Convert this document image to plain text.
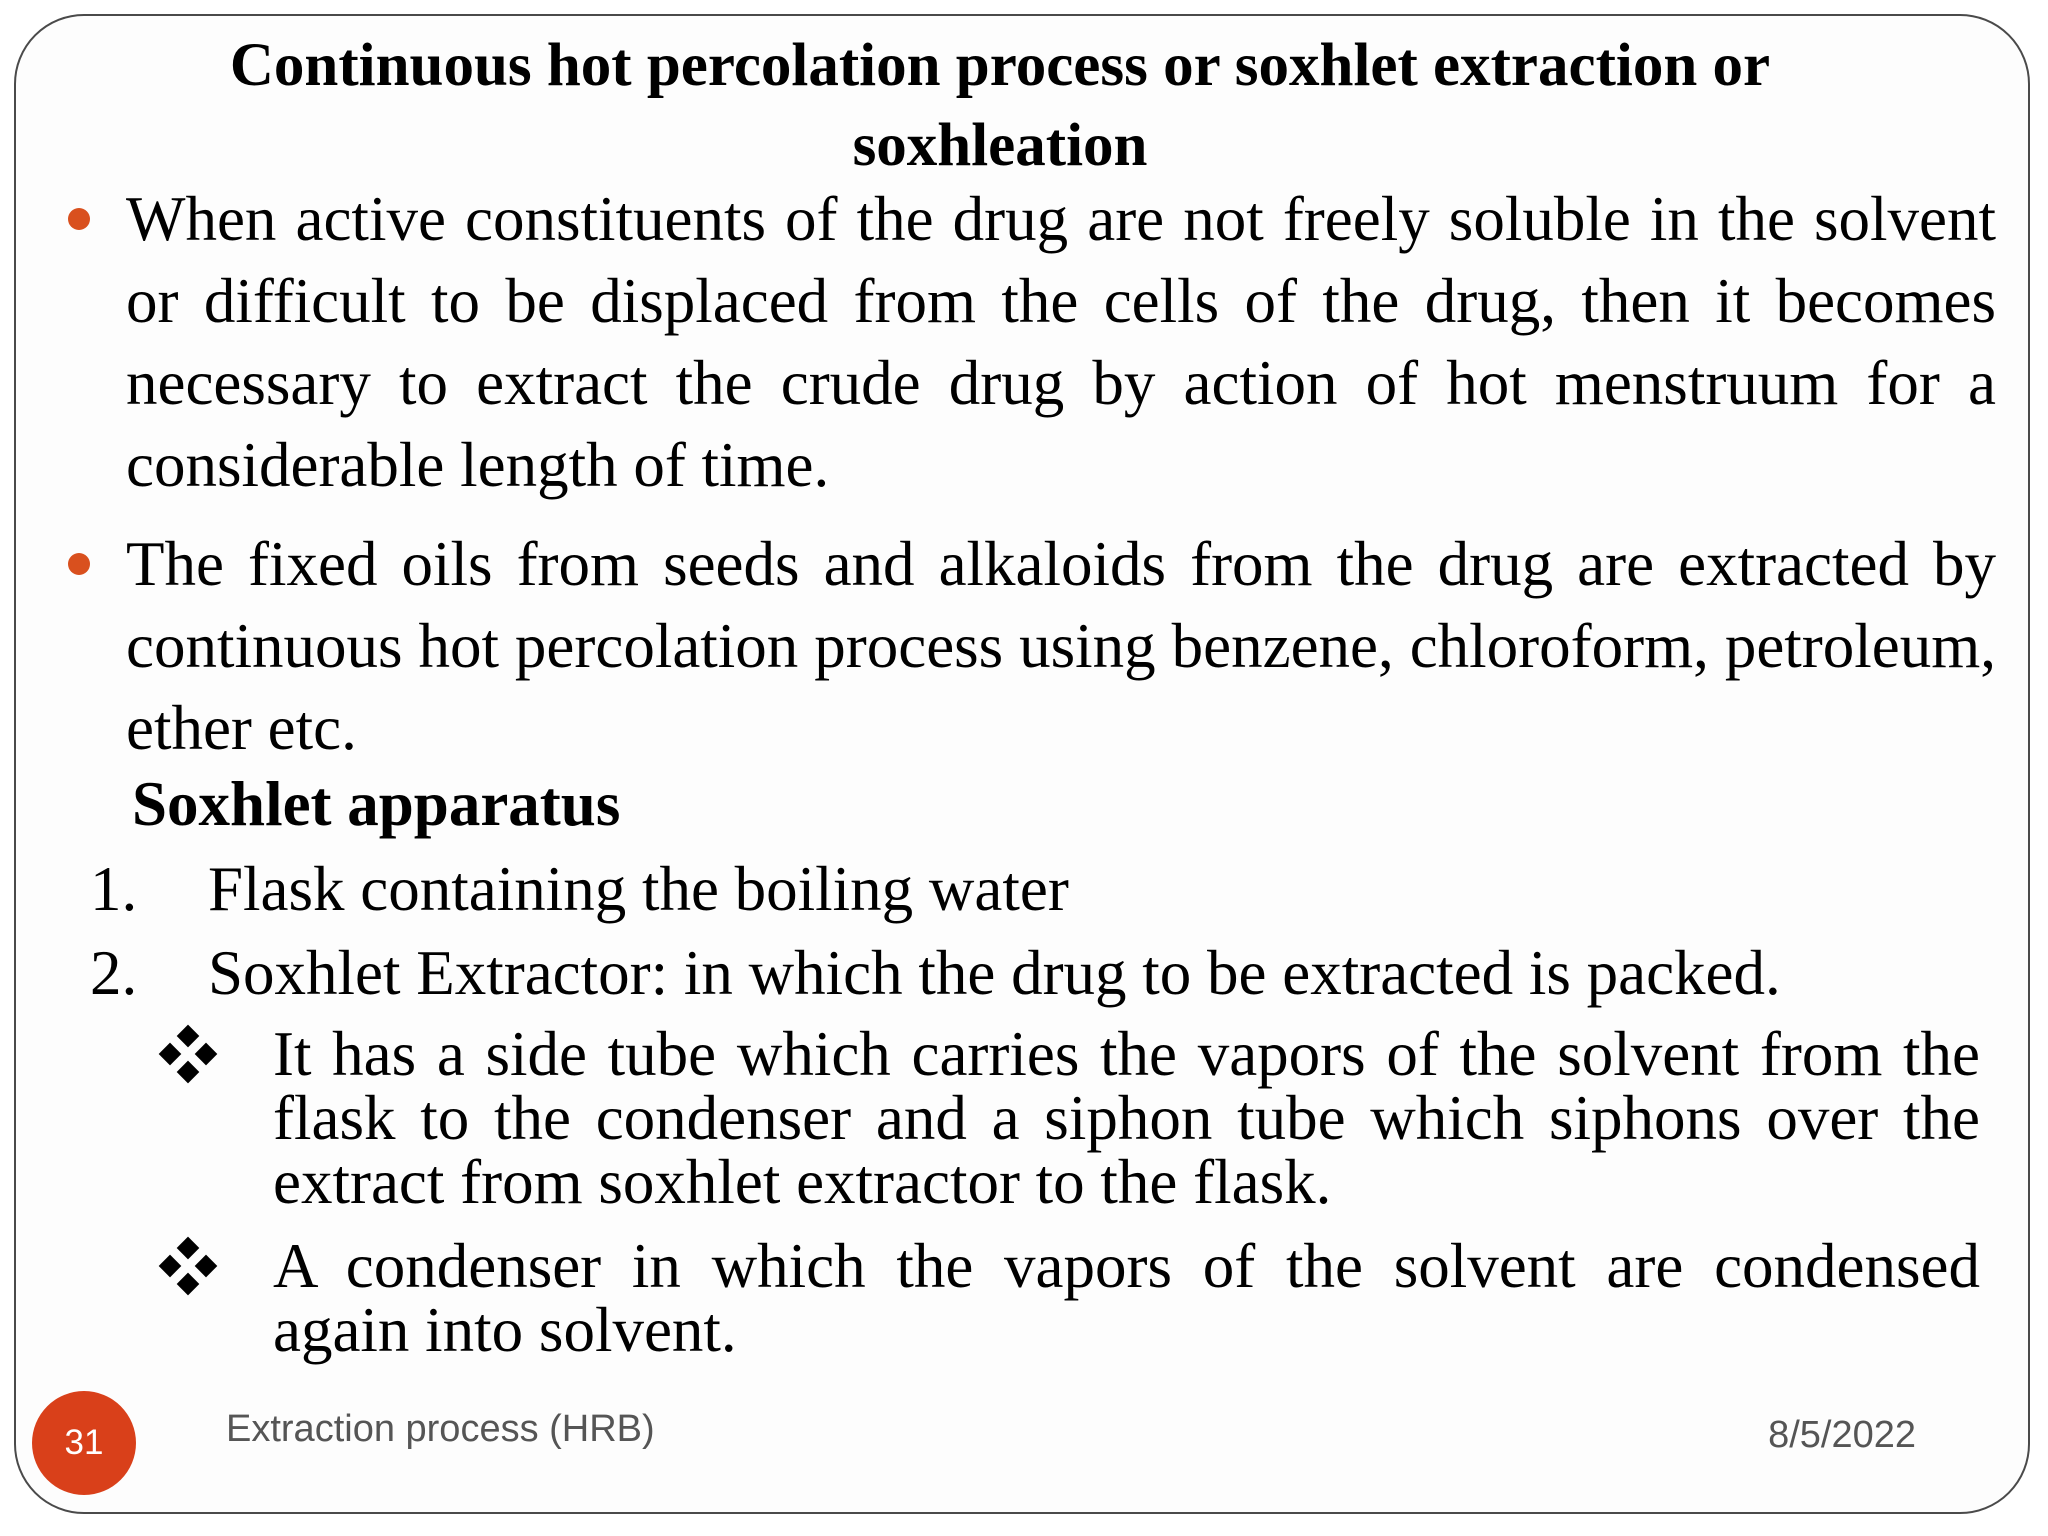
Continuous hot percolation process or soxhlet extraction or soxhleation

When active constituents of the drug are not freely soluble in the solvent or difficult to be displaced from the cells of the drug, then it becomes necessary to extract the crude drug by action of hot menstruum for a considerable length of time.

The fixed oils from seeds and alkaloids from the drug are extracted by continuous hot percolation process using benzene, chloroform, petroleum, ether etc.

Soxhlet apparatus
1. Flask containing the boiling water
2. Soxhlet Extractor: in which the drug to be extracted is packed.

It has a side tube which carries the vapors of the solvent from the flask to the condenser and a siphon tube which siphons over the extract from soxhlet extractor to the flask.

A condenser in which the vapors of the solvent are condensed again into solvent.

31	Extraction process (HRB)	8/5/2022
